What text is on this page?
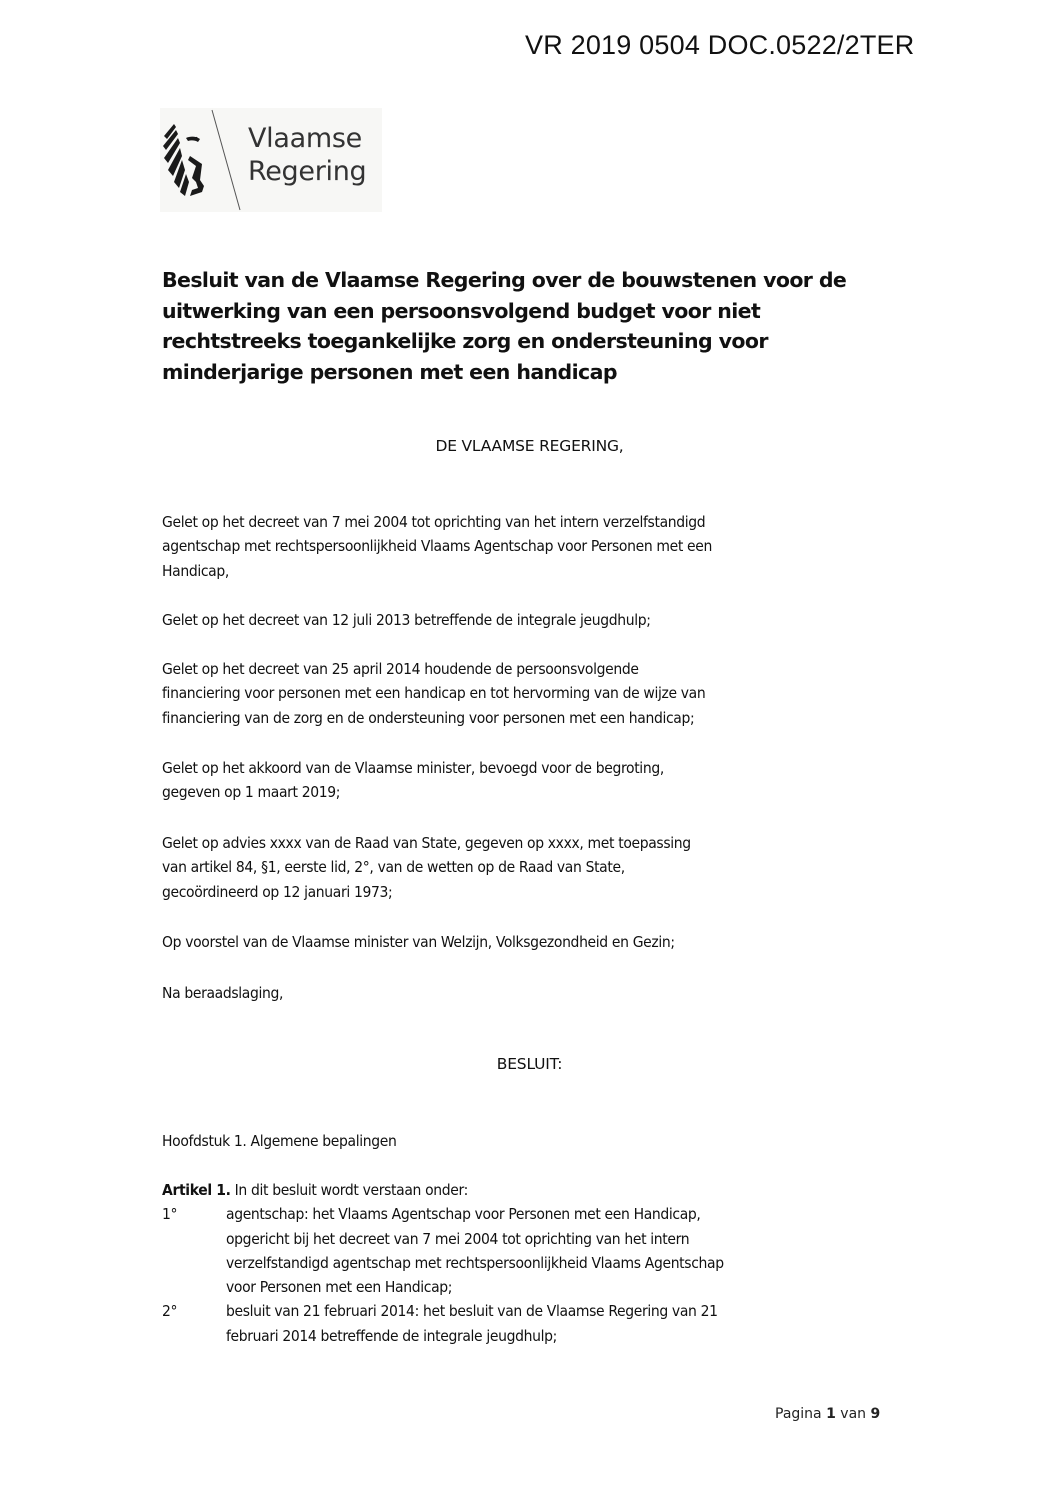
VR 2019 0504 DOC.0522/2TER
Vlaamse
Regering
Besluit van de Vlaamse Regering over de bouwstenen voor de
uitwerking van een persoonsvolgend budget voor niet
rechtstreeks toegankelijke zorg en ondersteuning voor
minderjarige personen met een handicap
DE VLAAMSE REGERING,
Gelet op het decreet van 7 mei 2004 tot oprichting van het intern verzelfstandigd
agentschap met rechtspersoonlijkheid Vlaams Agentschap voor Personen met een
Handicap,
Gelet op het decreet van 12 juli 2013 betreffende de integrale jeugdhulp;
Gelet op het decreet van 25 april 2014 houdende de persoonsvolgende
financiering voor personen met een handicap en tot hervorming van de wijze van
financiering van de zorg en de ondersteuning voor personen met een handicap;
Gelet op het akkoord van de Vlaamse minister, bevoegd voor de begroting,
gegeven op 1 maart 2019;
Gelet op advies xxxx van de Raad van State, gegeven op xxxx, met toepassing
van artikel 84, §1, eerste lid, 2°, van de wetten op de Raad van State,
gecoördineerd op 12 januari 1973;
Op voorstel van de Vlaamse minister van Welzijn, Volksgezondheid en Gezin;
Na beraadslaging,
BESLUIT:
Hoofdstuk 1. Algemene bepalingen
Artikel 1. In dit besluit wordt verstaan onder:
1°	agentschap: het Vlaams Agentschap voor Personen met een Handicap,
opgericht bij het decreet van 7 mei 2004 tot oprichting van het intern
verzelfstandigd agentschap met rechtspersoonlijkheid Vlaams Agentschap
voor Personen met een Handicap;
2°	besluit van 21 februari 2014: het besluit van de Vlaamse Regering van 21
februari 2014 betreffende de integrale jeugdhulp;
Pagina 1 van 9
